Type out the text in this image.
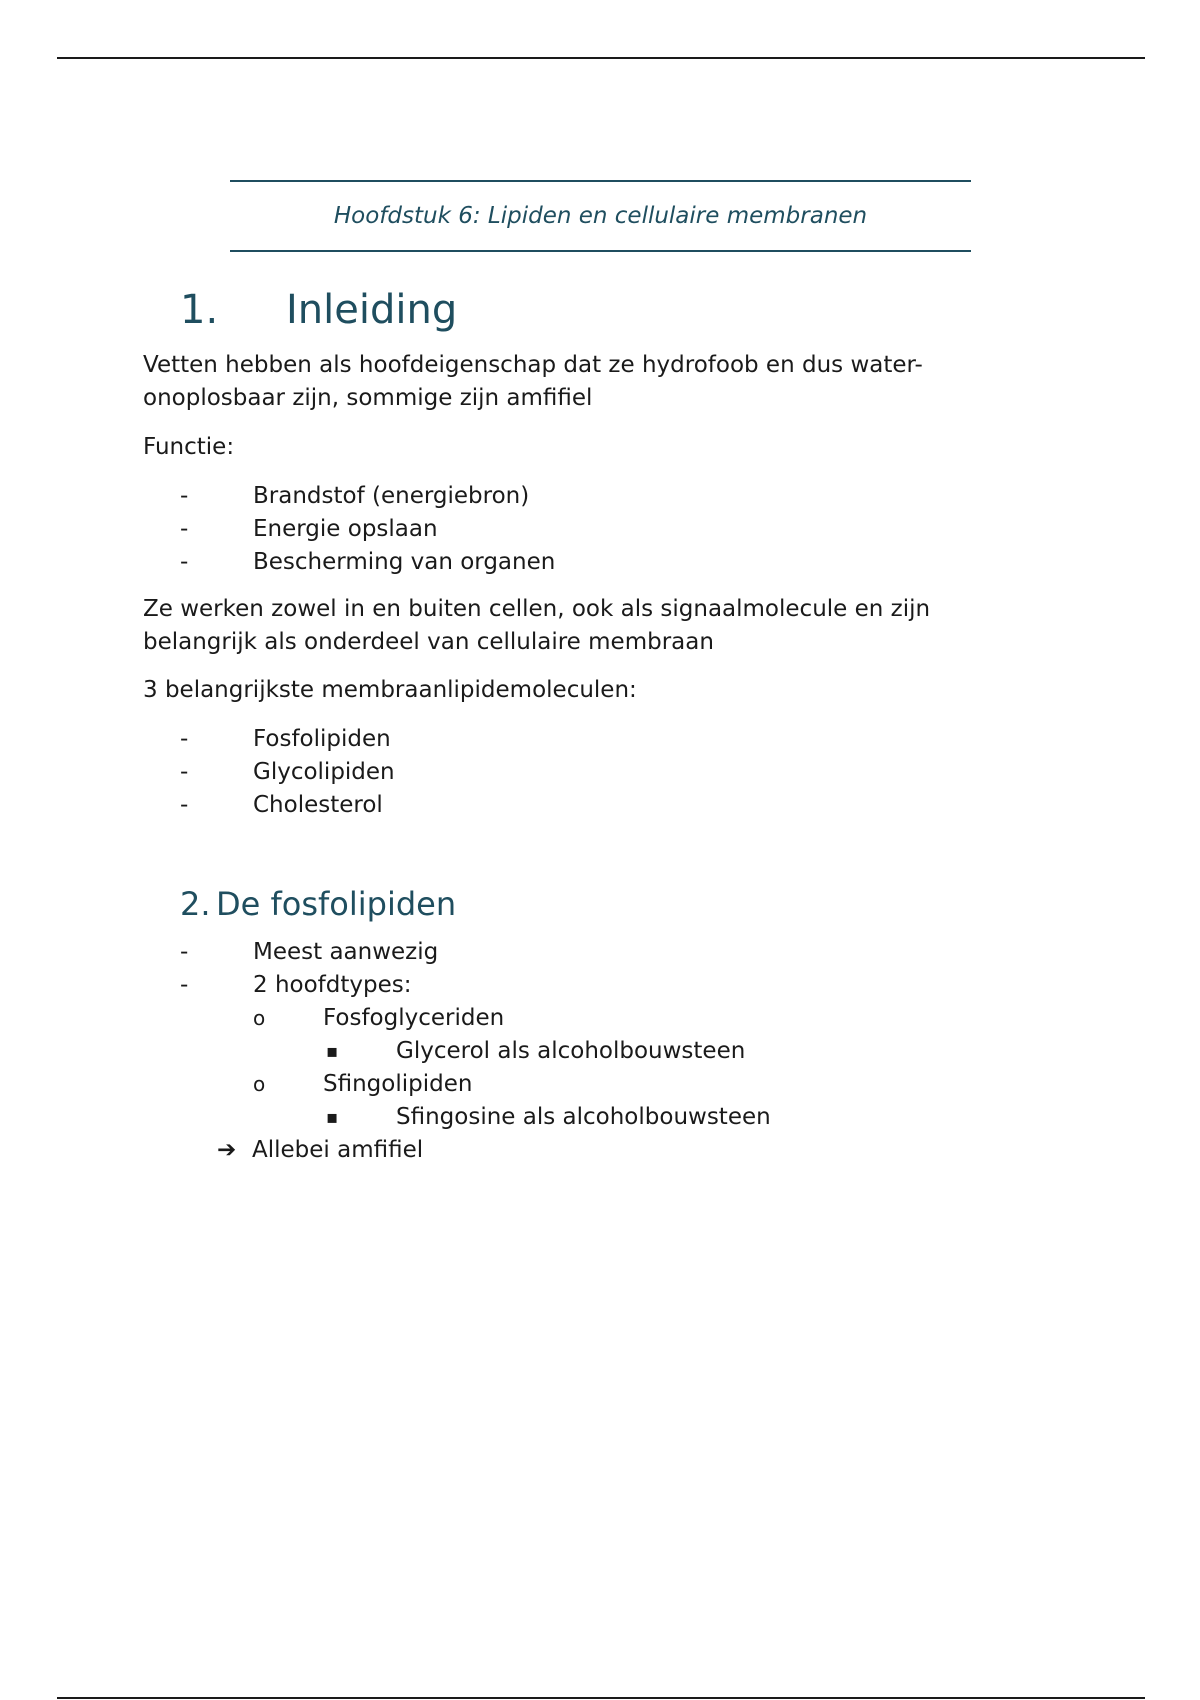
Hoofdstuk 6: Lipiden en cellulaire membranen
1. Inleiding

Vetten hebben als hoofdeigenschap dat ze hydrofoob en dus water-
onoplosbaar zijn, sommige zijn amfifiel

Functie:

-	Brandstof (energiebron)
-	Energie opslaan
-	Bescherming van organen

Ze werken zowel in en buiten cellen, ook als signaalmolecule en zijn
belangrijk als onderdeel van cellulaire membraan

3 belangrijkste membraanlipidemoleculen:

-	Fosfolipiden
-	Glycolipiden
-	Cholesterol
2. De fosfolipiden
-	Meest aanwezig
-	2 hoofdtypes:
o	Fosfoglyceriden
▪	Glycerol als alcoholbouwsteen
o	Sfingolipiden
▪	Sfingosine als alcoholbouwsteen
➔ Allebei amfifiel
